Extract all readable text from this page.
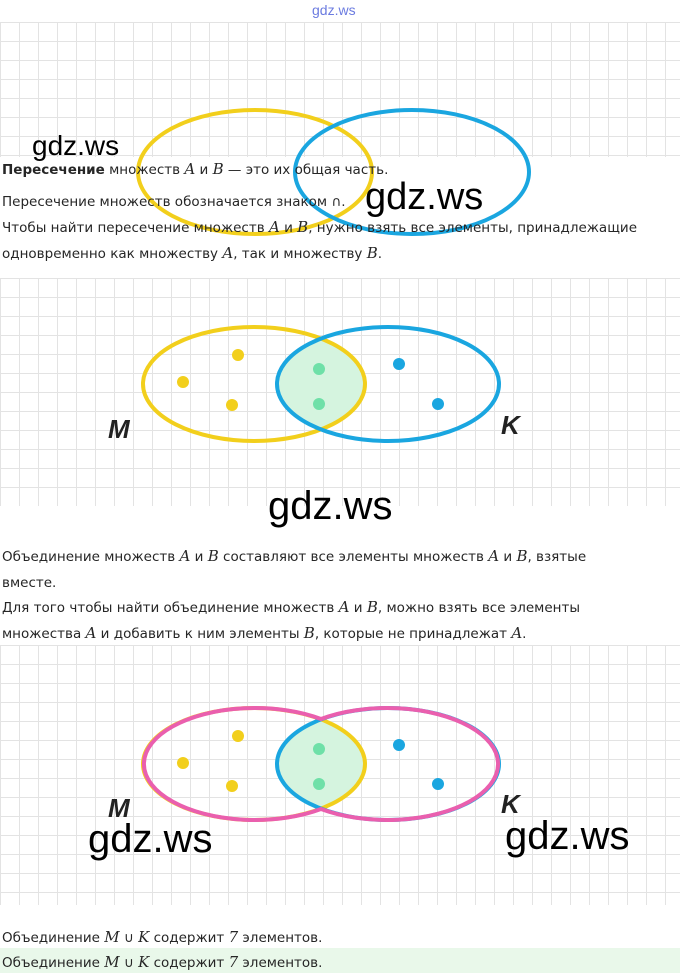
gdz.ws
gdz.ws
Пересечение множеств A и B — это их общая часть.
Пересечение множеств обозначается знаком ∩. gdz.ws
Чтобы найти пересечение множеств A и B, нужно взять все элементы, принадлежащие
одновременно как множеству A, так и множеству B.
M	K
gdz.ws
Объединение множеств A и B составляют все элементы множеств A и B, взятые
вместе.
Для того чтобы найти объединение множеств A и B, можно взять все элементы
множества A и добавить к ним элементы B, которые не принадлежат A.
M	K
gdz.ws	gdz.ws
Объединение M ∪ K содержит 7 элементов.
Объединение M ∪ K содержит 7 элементов.
